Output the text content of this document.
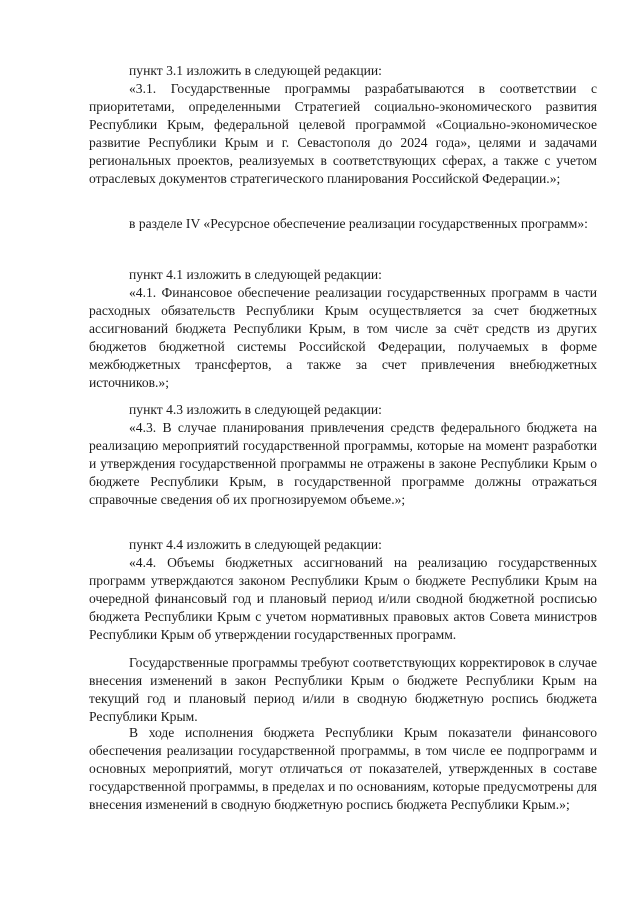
пункт 3.1 изложить в следующей редакции:

«3.1. Государственные программы разрабатываются в соответствии с приоритетами, определенными Стратегией социально-экономического развития Республики Крым, федеральной целевой программой «Социально-экономическое развитие Республики Крым и г. Севастополя до 2024 года», целями и задачами региональных проектов, реализуемых в соответствующих сферах, а также с учетом отраслевых документов стратегического планирования Российской Федерации.»;

в разделе IV «Ресурсное обеспечение реализации государственных программ»:

пункт 4.1 изложить в следующей редакции:

«4.1. Финансовое обеспечение реализации государственных программ в части расходных обязательств Республики Крым осуществляется за счет бюджетных ассигнований бюджета Республики Крым, в том числе за счёт средств из других бюджетов бюджетной системы Российской Федерации, получаемых в форме межбюджетных трансфертов, а также за счет привлечения внебюджетных источников.»;

пункт 4.3 изложить в следующей редакции:

«4.3. В случае планирования привлечения средств федерального бюджета на реализацию мероприятий государственной программы, которые на момент разработки и утверждения государственной программы не отражены в законе Республики Крым о бюджете Республики Крым, в государственной программе должны отражаться справочные сведения об их прогнозируемом объеме.»;

пункт 4.4 изложить в следующей редакции:

«4.4. Объемы бюджетных ассигнований на реализацию государственных программ утверждаются законом Республики Крым о бюджете Республики Крым на очередной финансовый год и плановый период и/или сводной бюджетной росписью бюджета Республики Крым с учетом нормативных правовых актов Совета министров Республики Крым об утверждении государственных программ.

Государственные программы требуют соответствующих корректировок в случае внесения изменений в закон Республики Крым о бюджете Республики Крым на текущий год и плановый период и/или в сводную бюджетную роспись бюджета Республики Крым.

В ходе исполнения бюджета Республики Крым показатели финансового обеспечения реализации государственной программы, в том числе ее подпрограмм и основных мероприятий, могут отличаться от показателей, утвержденных в составе государственной программы, в пределах и по основаниям, которые предусмотрены для внесения изменений в сводную бюджетную роспись бюджета Республики Крым.»;
